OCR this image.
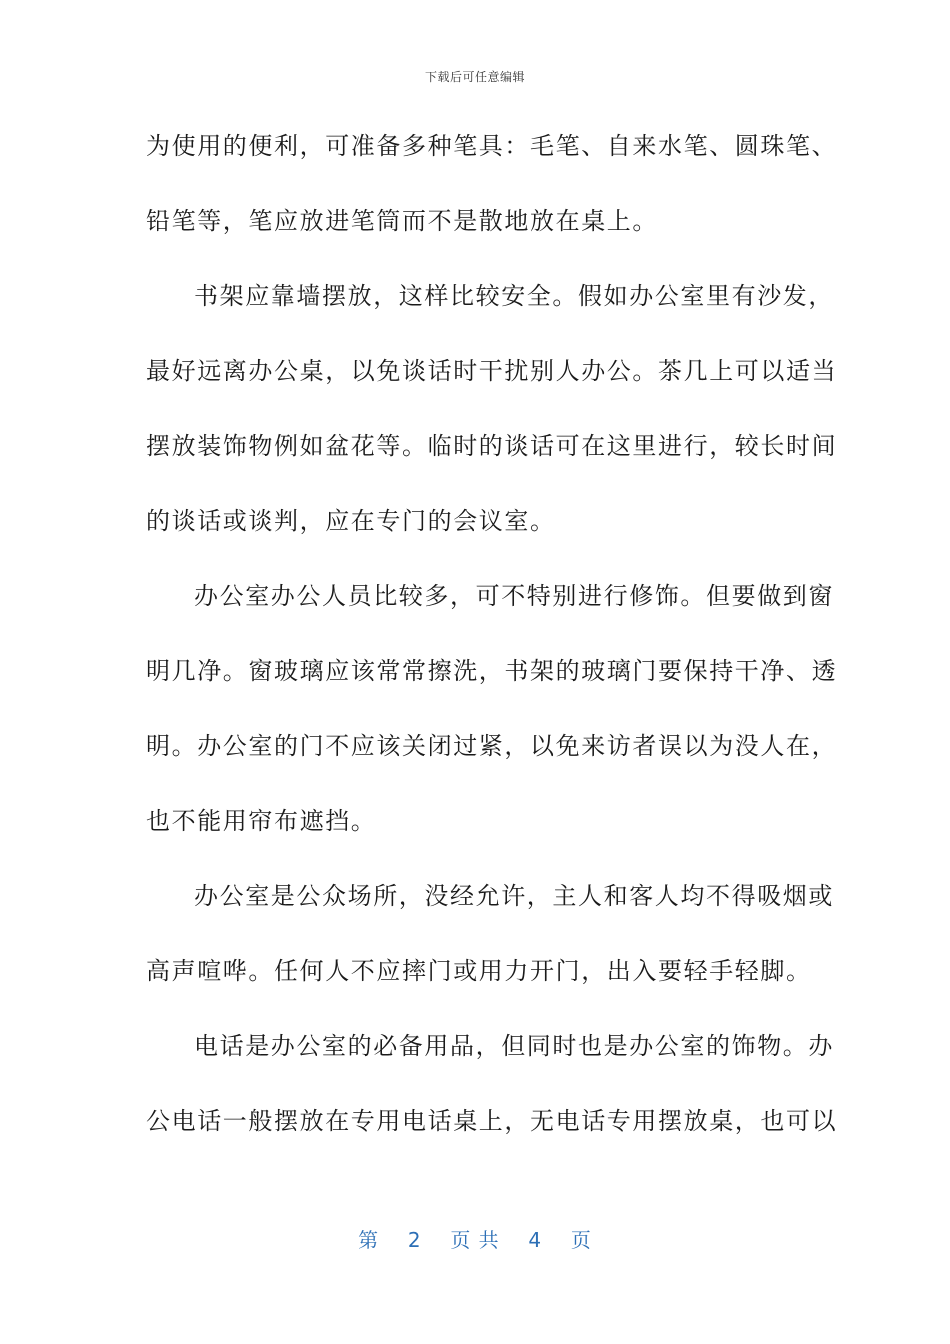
下载后可任意编辑
为使用的便利，可准备多种笔具：毛笔、自来水笔、圆珠笔、
铅笔等，笔应放进笔筒而不是散地放在桌上。
书架应靠墙摆放，这样比较安全。假如办公室里有沙发，
最好远离办公桌，以免谈话时干扰别人办公。茶几上可以适当
摆放装饰物例如盆花等。临时的谈话可在这里进行，较长时间
的谈话或谈判，应在专门的会议室。
办公室办公人员比较多，可不特别进行修饰。但要做到窗
明几净。窗玻璃应该常常擦洗，书架的玻璃门要保持干净、透
明。办公室的门不应该关闭过紧，以免来访者误以为没人在，
也不能用帘布遮挡。
办公室是公众场所，没经允许，主人和客人均不得吸烟或
高声喧哗。任何人不应摔门或用力开门，出入要轻手轻脚。
电话是办公室的必备用品，但同时也是办公室的饰物。办
公电话一般摆放在专用电话桌上，无电话专用摆放桌，也可以
第 2 页 共 4 页
